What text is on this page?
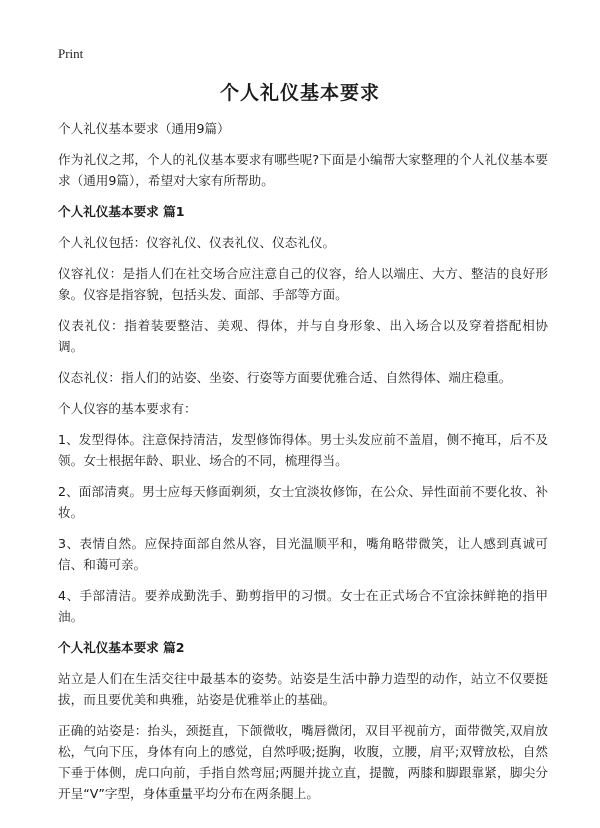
Print
个人礼仪基本要求

个人礼仪基本要求（通用9篇）

作为礼仪之邦，个人的礼仪基本要求有哪些呢?下面是小编帮大家整理的个人礼仪基本要求（通用9篇），希望对大家有所帮助。

个人礼仪基本要求 篇1

个人礼仪包括：仪容礼仪、仪表礼仪、仪态礼仪。

仪容礼仪：是指人们在社交场合应注意自己的仪容，给人以端庄、大方、整洁的良好形象。仪容是指容貌，包括头发、面部、手部等方面。

仪表礼仪：指着装要整洁、美观、得体，并与自身形象、出入场合以及穿着搭配相协调。

仪态礼仪：指人们的站姿、坐姿、行姿等方面要优雅合适、自然得体、端庄稳重。

个人仪容的基本要求有：

1、发型得体。注意保持清洁，发型修饰得体。男士头发应前不盖眉，侧不掩耳，后不及领。女士根据年龄、职业、场合的不同，梳理得当。

2、面部清爽。男士应每天修面剃须，女士宜淡妆修饰，在公众、异性面前不要化妆、补妆。

3、表情自然。应保持面部自然从容，目光温顺平和，嘴角略带微笑，让人感到真诚可信、和蔼可亲。

4、手部清洁。要养成勤洗手、勤剪指甲的习惯。女士在正式场合不宜涂抹鲜艳的指甲油。

个人礼仪基本要求 篇2

站立是人们在生活交往中最基本的姿势。站姿是生活中静力造型的动作，站立不仅要挺拔，而且要优美和典雅，站姿是优雅举止的基础。

正确的站姿是：抬头，颈挺直，下颌微收，嘴唇微闭，双目平视前方，面带微笑,双肩放松，气向下压，身体有向上的感觉，自然呼吸;挺胸，收腹，立腰，肩平;双臂放松，自然下垂于体侧，虎口向前，手指自然弯屈;两腿并拢立直，提髋，两膝和脚跟靠紧，脚尖分开呈“V”字型，身体重量平均分布在两条腿上。
